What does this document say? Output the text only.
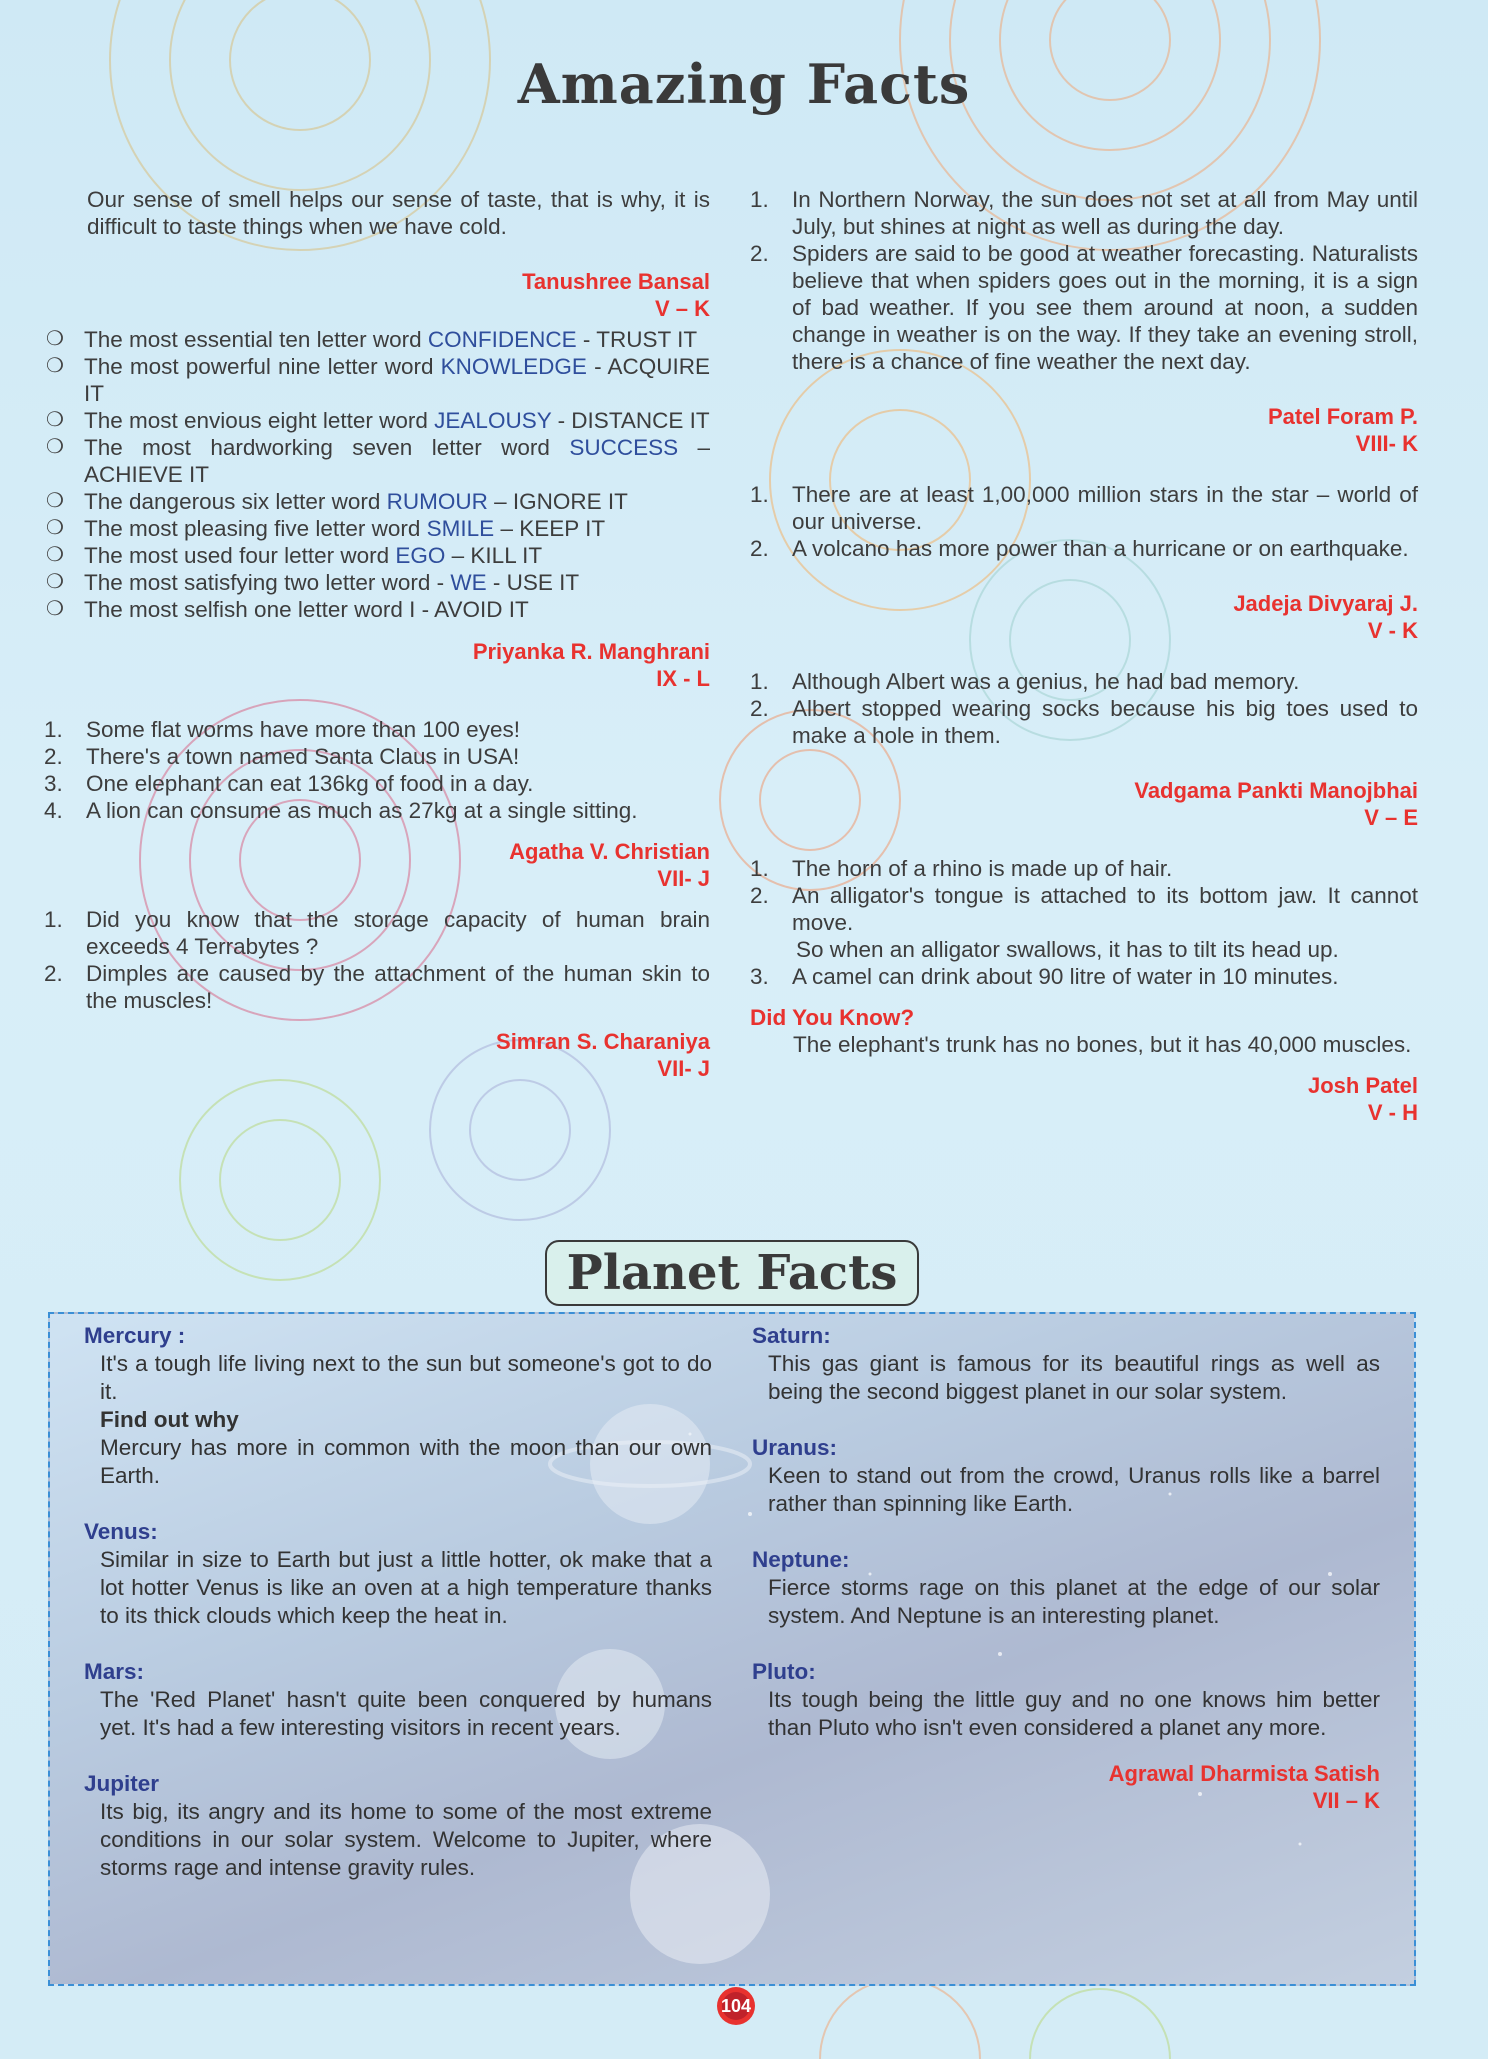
Amazing Facts

Our sense of smell helps our sense of taste, that is why, it is difficult to taste things when we have cold.

Tanushree Bansal
V – K
❍ The most essential ten letter word CONFIDENCE - TRUST IT
❍ The most powerful nine letter word KNOWLEDGE - ACQUIRE IT
❍ The most envious eight letter word JEALOUSY - DISTANCE IT
❍ The most hardworking seven letter word SUCCESS – ACHIEVE IT
❍ The dangerous six letter word RUMOUR – IGNORE IT
❍ The most pleasing five letter word SMILE – KEEP IT
❍ The most used four letter word EGO – KILL IT
❍ The most satisfying two letter word - WE - USE IT
❍ The most selfish one letter word I - AVOID IT
Priyanka R. Manghrani
IX - L
1. Some flat worms have more than 100 eyes!
2. There's a town named Santa Claus in USA!
3. One elephant can eat 136kg of food in a day.
4. A lion can consume as much as 27kg at a single sitting.
Agatha V. Christian
VII- J
1. Did you know that the storage capacity of human brain exceeds 4 Terrabytes ?
2. Dimples are caused by the attachment of the human skin to the muscles!
Simran S. Charaniya
VII- J
1. In Northern Norway, the sun does not set at all from May until July, but shines at night as well as during the day.
2. Spiders are said to be good at weather forecasting. Naturalists believe that when spiders goes out in the morning, it is a sign of bad weather. If you see them around at noon, a sudden change in weather is on the way. If they take an evening stroll, there is a chance of fine weather the next day.
Patel Foram P.
VIII- K
1. There are at least 1,00,000 million stars in the star – world of our universe.
2. A volcano has more power than a hurricane or on earthquake.
Jadeja Divyaraj J.
V - K
1. Although Albert was a genius, he had bad memory.
2. Albert stopped wearing socks because his big toes used to make a hole in them.
Vadgama Pankti Manojbhai
V – E
1. The horn of a rhino is made up of hair.
2. An alligator's tongue is attached to its bottom jaw. It cannot move.
So when an alligator swallows, it has to tilt its head up.
3. A camel can drink about 90 litre of water in 10 minutes.
Did You Know?

The elephant's trunk has no bones, but it has 40,000 muscles.

Josh Patel
V - H
Planet Facts
Mercury :
It's a tough life living next to the sun but someone's got to do it.
Find out why
Mercury has more in common with the moon than our own Earth.
Venus:
Similar in size to Earth but just a little hotter, ok make that a lot hotter Venus is like an oven at a high temperature thanks to its thick clouds which keep the heat in.
Mars:
The 'Red Planet' hasn't quite been conquered by humans yet. It's had a few interesting visitors in recent years.
Jupiter
Its big, its angry and its home to some of the most extreme conditions in our solar system. Welcome to Jupiter, where storms rage and intense gravity rules.
Saturn:
This gas giant is famous for its beautiful rings as well as being the second biggest planet in our solar system.
Uranus:
Keen to stand out from the crowd, Uranus rolls like a barrel rather than spinning like Earth.
Neptune:
Fierce storms rage on this planet at the edge of our solar system. And Neptune is an interesting planet.
Pluto:
Its tough being the little guy and no one knows him better than Pluto who isn't even considered a planet any more.
Agrawal Dharmista Satish
VII – K
104
